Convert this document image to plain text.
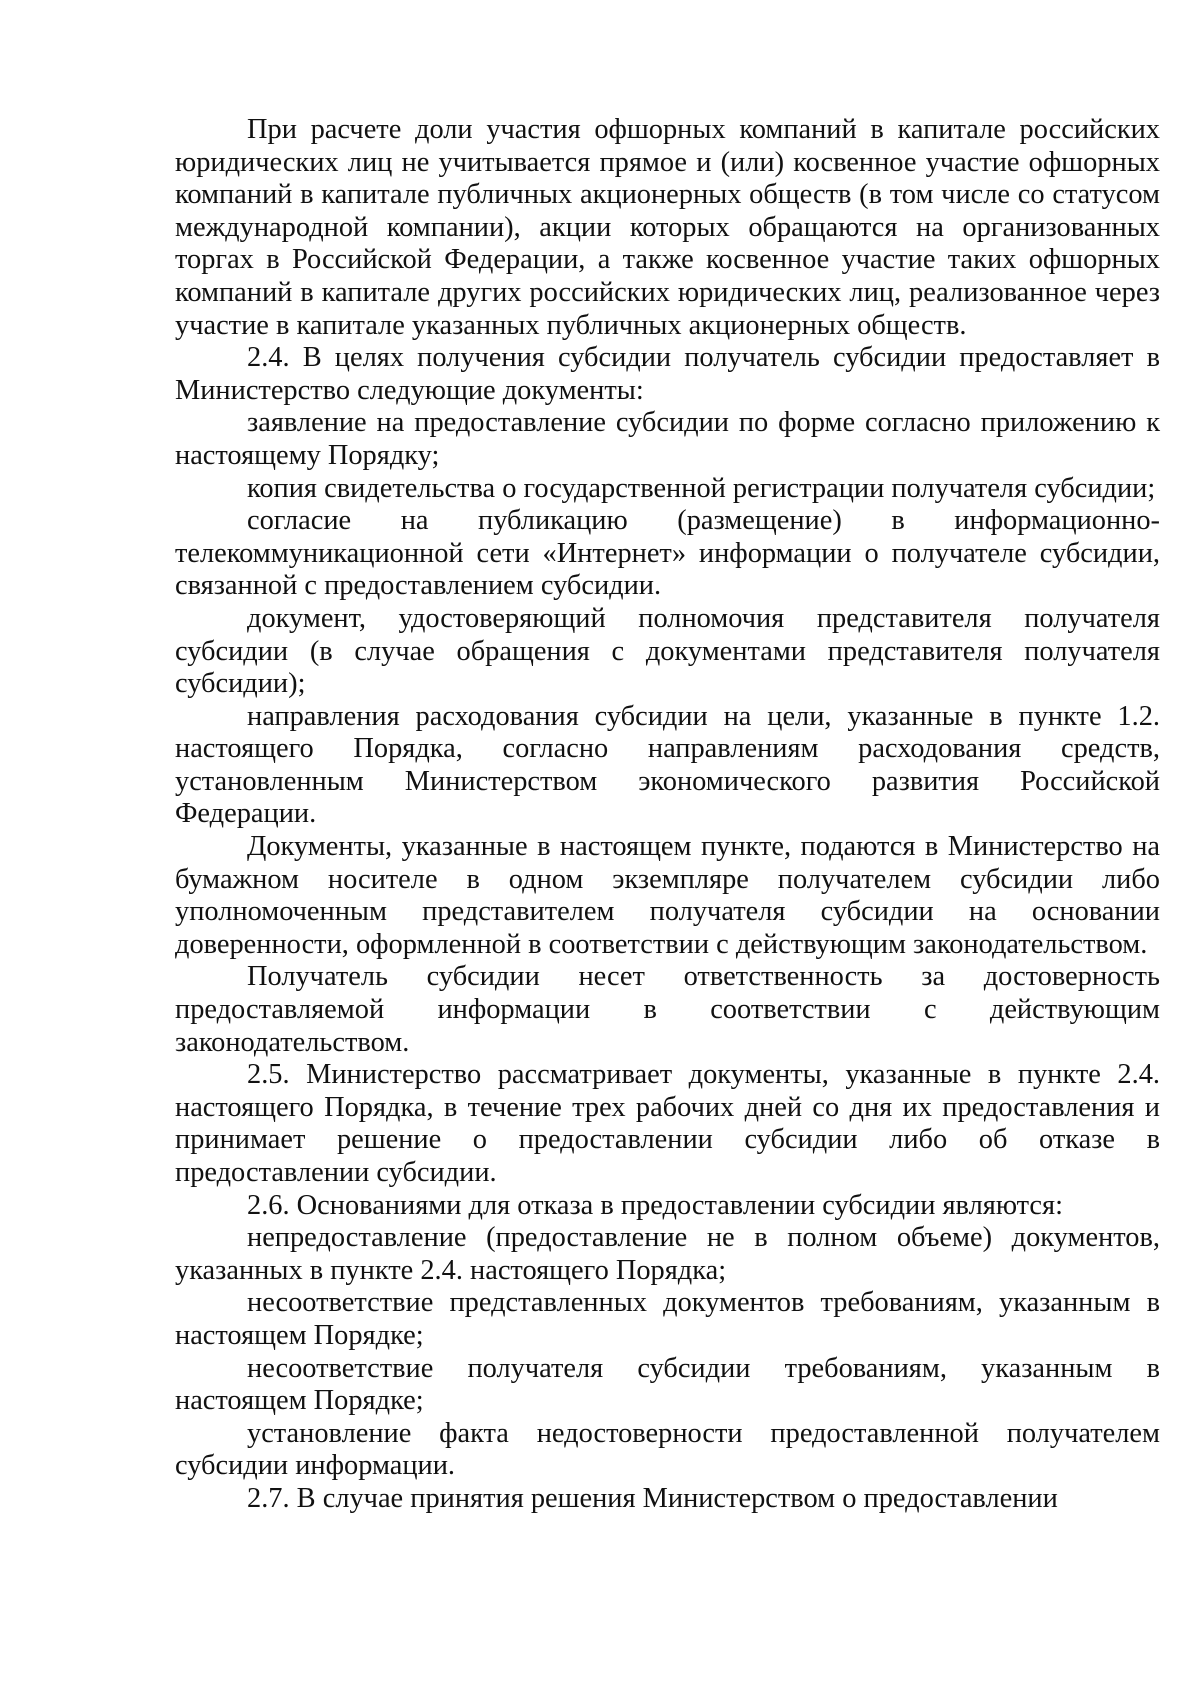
При расчете доли участия офшорных компаний в капитале российских юридических лиц не учитывается прямое и (или) косвенное участие офшорных компаний в капитале публичных акционерных обществ (в том числе со статусом международной компании), акции которых обращаются на организованных торгах в Российской Федерации, а также косвенное участие таких офшорных компаний в капитале других российских юридических лиц, реализованное через участие в капитале указанных публичных акционерных обществ.

2.4. В целях получения субсидии получатель субсидии предоставляет в Министерство следующие документы:

заявление на предоставление субсидии по форме согласно приложению к настоящему Порядку;

копия свидетельства о государственной регистрации получателя субсидии;

согласие на публикацию (размещение) в информационно-телекоммуникационной сети «Интернет» информации о получателе субсидии, связанной с предоставлением субсидии.

документ, удостоверяющий полномочия представителя получателя субсидии (в случае обращения с документами представителя получателя субсидии);

направления расходования субсидии на цели, указанные в пункте 1.2. настоящего Порядка, согласно направлениям расходования средств, установленным Министерством экономического развития Российской Федерации.

Документы, указанные в настоящем пункте, подаются в Министерство на бумажном носителе в одном экземпляре получателем субсидии либо уполномоченным представителем получателя субсидии на основании доверенности, оформленной в соответствии с действующим законодательством.

Получатель субсидии несет ответственность за достоверность предоставляемой информации в соответствии с действующим законодательством.

2.5. Министерство рассматривает документы, указанные в пункте 2.4. настоящего Порядка, в течение трех рабочих дней со дня их предоставления и принимает решение о предоставлении субсидии либо об отказе в предоставлении субсидии.

2.6. Основаниями для отказа в предоставлении субсидии являются:

непредоставление (предоставление не в полном объеме) документов, указанных в пункте 2.4. настоящего Порядка;

несоответствие представленных документов требованиям, указанным в настоящем Порядке;

несоответствие получателя субсидии требованиям, указанным в настоящем Порядке;

установление факта недостоверности предоставленной получателем субсидии информации.

2.7. В случае принятия решения Министерством о предоставлении
